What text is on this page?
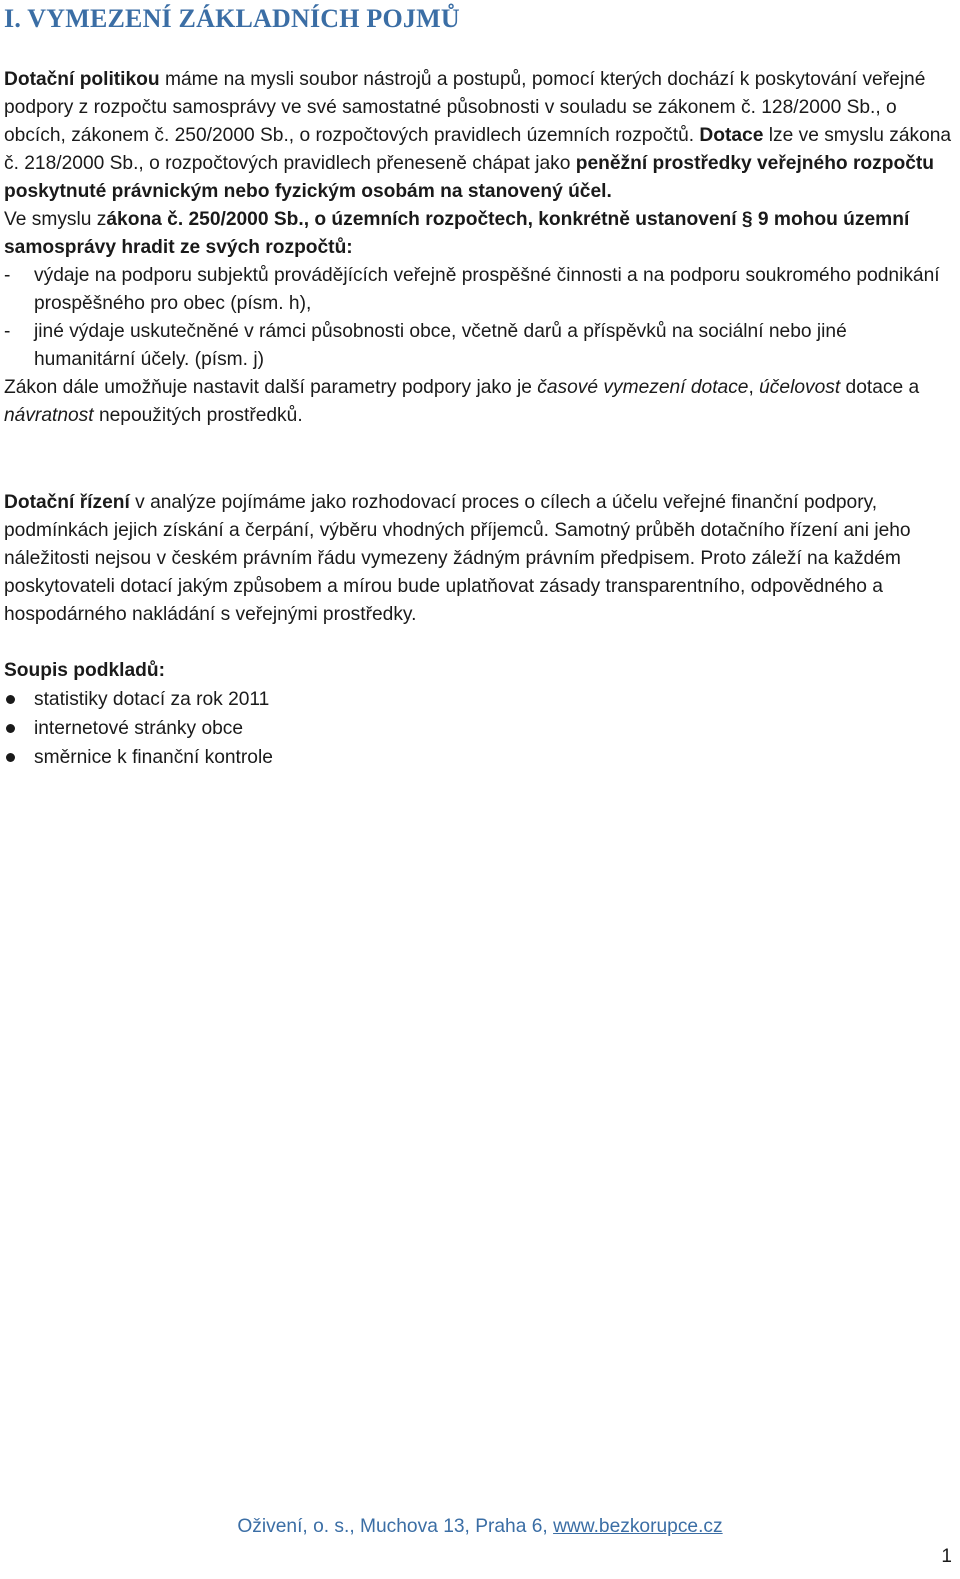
I. VYMEZENÍ ZÁKLADNÍCH POJMŮ

Dotační politikou máme na mysli soubor nástrojů a postupů, pomocí kterých dochází k poskytování veřejné podpory z rozpočtu samosprávy ve své samostatné působnosti v souladu se zákonem č. 128/2000 Sb., o obcích, zákonem č. 250/2000 Sb., o rozpočtových pravidlech územních rozpočtů. Dotace lze ve smyslu zákona č. 218/2000 Sb., o rozpočtových pravidlech přeneseně chápat jako peněžní prostředky veřejného rozpočtu poskytnuté právnickým nebo fyzickým osobám na stanovený účel.

Ve smyslu zákona č. 250/2000 Sb., o územních rozpočtech, konkrétně ustanovení § 9 mohou územní samosprávy hradit ze svých rozpočtů:

- výdaje na podporu subjektů provádějících veřejně prospěšné činnosti a na podporu soukromého podnikání prospěšného pro obec (písm. h),
- jiné výdaje uskutečněné v rámci působnosti obce, včetně darů a příspěvků na sociální nebo jiné humanitární účely. (písm. j)

Zákon dále umožňuje nastavit další parametry podpory jako je časové vymezení dotace, účelovost dotace a návratnost nepoužitých prostředků.

Dotační řízení v analýze pojímáme jako rozhodovací proces o cílech a účelu veřejné finanční podpory, podmínkách jejich získání a čerpání, výběru vhodných příjemců. Samotný průběh dotačního řízení ani jeho náležitosti nejsou v českém právním řádu vymezeny žádným právním předpisem. Proto záleží na každém poskytovateli dotací jakým způsobem a mírou bude uplatňovat zásady transparentního, odpovědného a hospodárného nakládání s veřejnými prostředky.

Soupis podkladů:

statistiky dotací za rok 2011
internetové stránky obce
směrnice k finanční kontrole
Oživení, o. s., Muchova 13, Praha 6, www.bezkorupce.cz
1
